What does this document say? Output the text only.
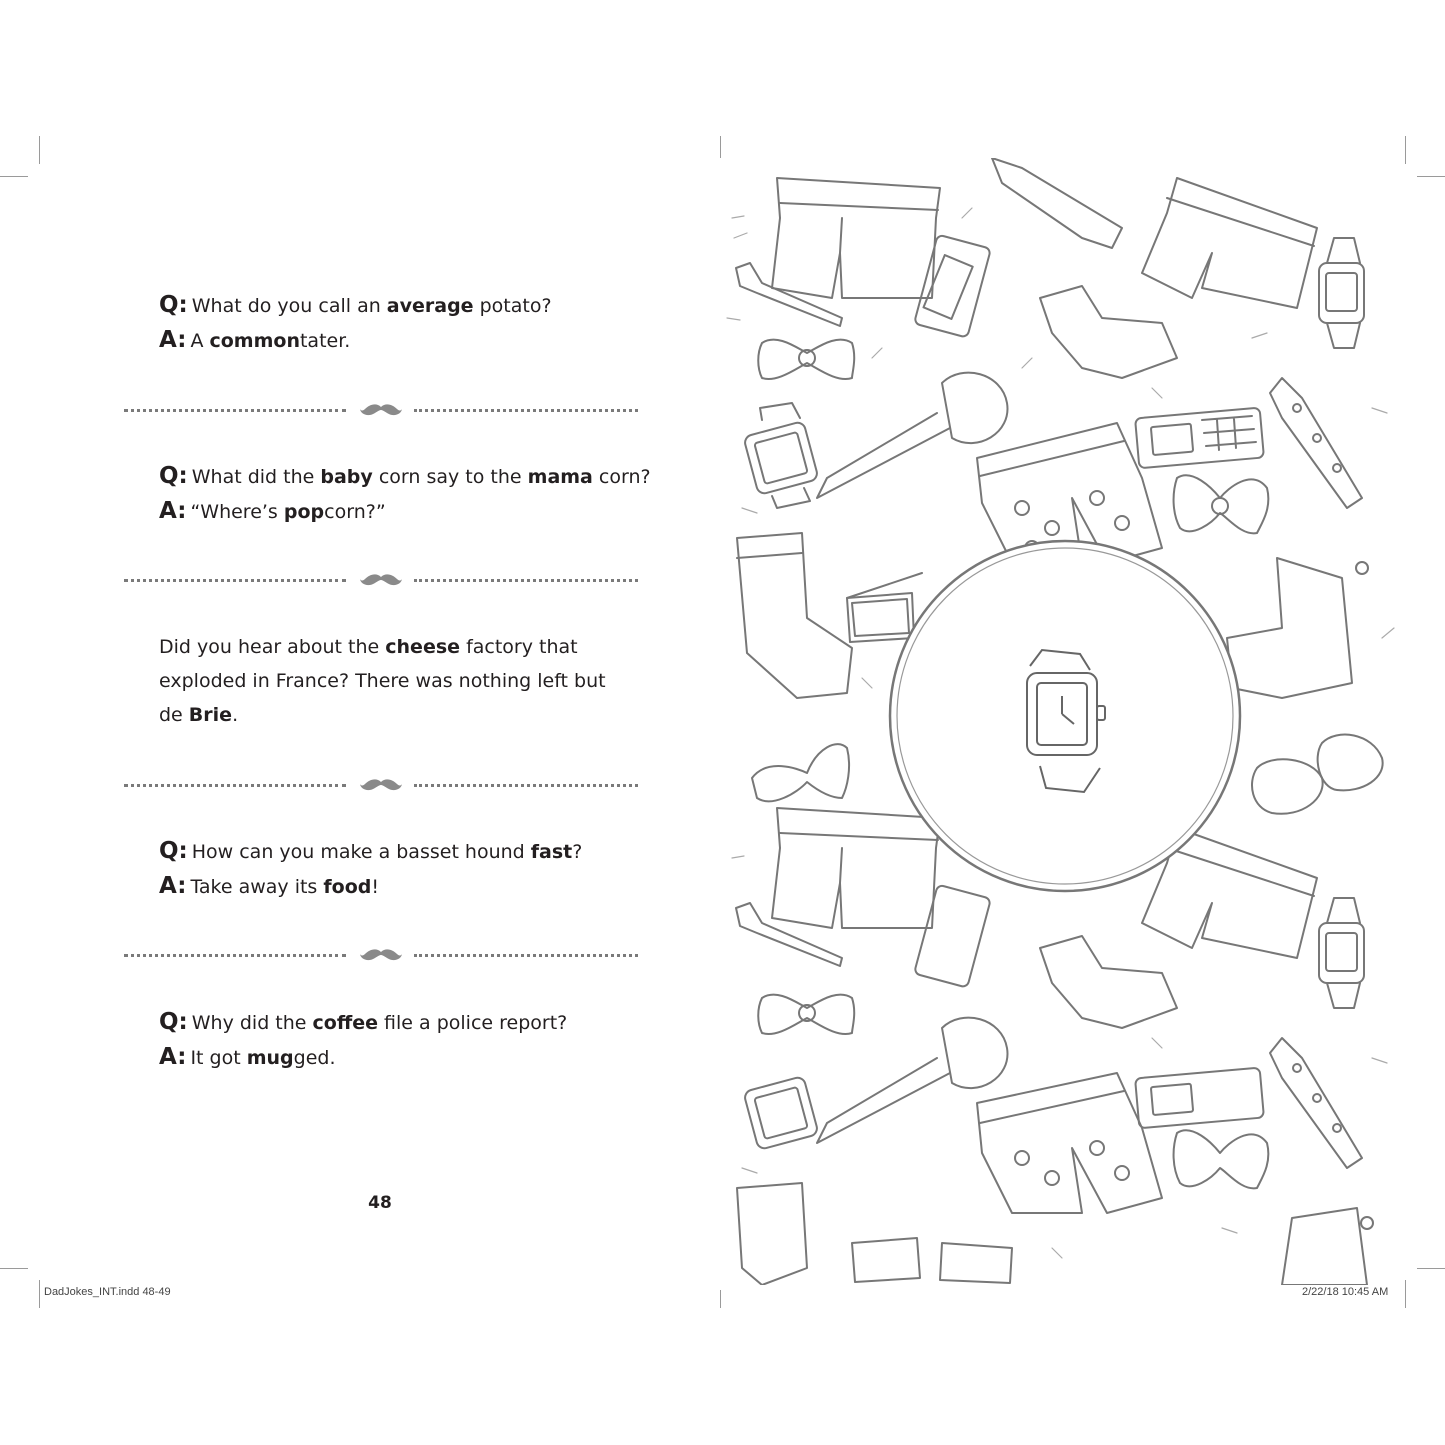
Q: What do you call an average potato?
A: A commontater.
Q: What did the baby corn say to the mama corn?
A: “Where’s popcorn?”
Did you hear about the cheese factory that
exploded in France? There was nothing left but
de Brie.
Q: How can you make a basset hound fast?
A: Take away its food!
Q: Why did the coffee file a police report?
A: It got mugged.
48
DadJokes_INT.indd 48-49	2/22/18 10:45 AM
